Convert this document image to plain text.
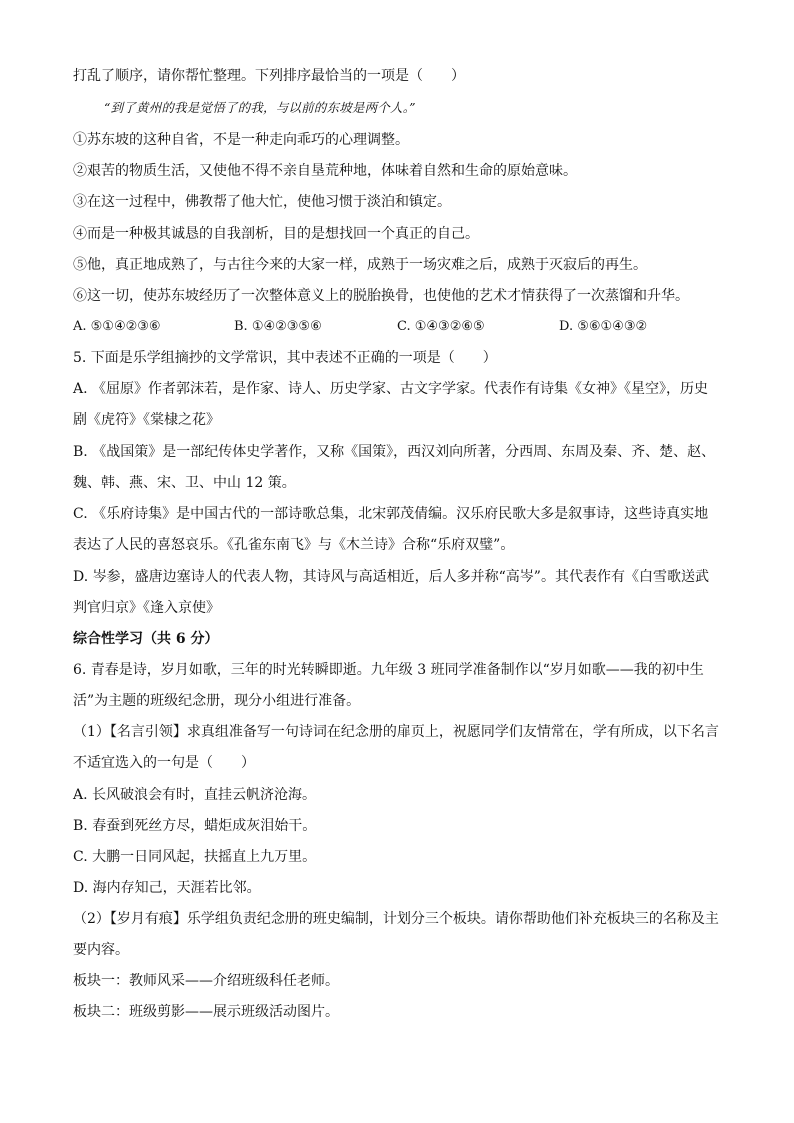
打乱了顺序，请你帮忙整理。下列排序最恰当的一项是（　　）
“到了黄州的我是觉悟了的我，与以前的东坡是两个人。”
①苏东坡的这种自省，不是一种走向乖巧的心理调整。
②艰苦的物质生活，又使他不得不亲自垦荒种地，体味着自然和生命的原始意味。
③在这一过程中，佛教帮了他大忙，使他习惯于淡泊和镇定。
④而是一种极其诚恳的自我剖析，目的是想找回一个真正的自己。
⑤他，真正地成熟了，与古往今来的大家一样，成熟于一场灾难之后，成熟于灭寂后的再生。
⑥这一切，使苏东坡经历了一次整体意义上的脱胎换骨，也使他的艺术才情获得了一次蒸馏和升华。
A. ⑤①④②③⑥	B. ①④②③⑤⑥	C. ①④③②⑥⑤	D. ⑤⑥①④③②
5. 下面是乐学组摘抄的文学常识，其中表述不正确的一项是（　　）
A. 《屈原》作者郭沫若，是作家、诗人、历史学家、古文字学家。代表作有诗集《女神》《星空》，历史
剧《虎符》《棠棣之花》
B. 《战国策》是一部纪传体史学著作，又称《国策》，西汉刘向所著，分西周、东周及秦、齐、楚、赵、
魏、韩、燕、宋、卫、中山 12 策。
C. 《乐府诗集》是中国古代的一部诗歌总集，北宋郭茂倩编。汉乐府民歌大多是叙事诗，这些诗真实地
表达了人民的喜怒哀乐。《孔雀东南飞》与《木兰诗》合称“乐府双璧”。
D. 岑参，盛唐边塞诗人的代表人物，其诗风与高适相近，后人多并称“高岑”。其代表作有《白雪歌送武
判官归京》《逢入京使》
综合性学习（共 6 分）
6. 青春是诗，岁月如歌，三年的时光转瞬即逝。九年级 3 班同学准备制作以“岁月如歌——我的初中生
活”为主题的班级纪念册，现分小组进行准备。
（1）【名言引领】求真组准备写一句诗词在纪念册的扉页上，祝愿同学们友情常在，学有所成，以下名言
不适宜选入的一句是（　　）
A. 长风破浪会有时，直挂云帆济沧海。
B. 春蚕到死丝方尽，蜡炬成灰泪始干。
C. 大鹏一日同风起，扶摇直上九万里。
D. 海内存知己，天涯若比邻。
（2）【岁月有痕】乐学组负责纪念册的班史编制，计划分三个板块。请你帮助他们补充板块三的名称及主
要内容。
板块一：教师风采——介绍班级科任老师。
板块二：班级剪影——展示班级活动图片。
